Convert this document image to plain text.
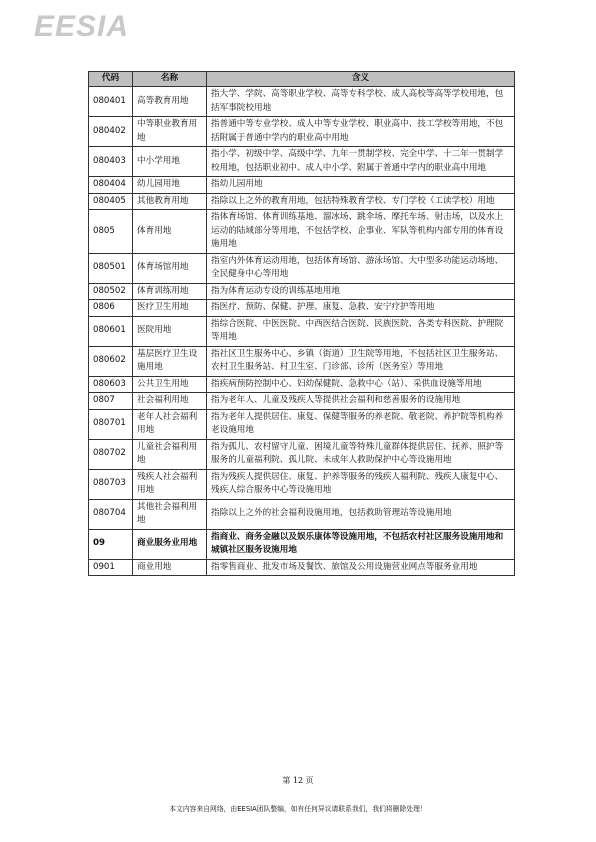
EESIA
代码	名称	含义
080401	高等教育用地	指大学、学院、高等职业学校、高等专科学校、成人高校等高等学校用地，包括军事院校用地
080402	中等职业教育用地	指普通中等专业学校、成人中等专业学校、职业高中、技工学校等用地，不包括附属于普通中学内的职业高中用地
080403	中小学用地	指小学、初级中学、高级中学、九年一贯制学校、完全中学、十二年一贯制学校用地，包括职业初中、成人中小学、附属于普通中学内的职业高中用地
080404	幼儿园用地	指幼儿园用地
080405	其他教育用地	指除以上之外的教育用地，包括特殊教育学校、专门学校（工读学校）用地
0805	体育用地	指体育场馆、体育训练基地、溜冰场、跳伞场、摩托车场、射击场，以及水上运动的陆域部分等用地，不包括学校、企事业、军队等机构内部专用的体育设施用地
080501	体育场馆用地	指室内外体育运动用地，包括体育场馆、游泳场馆、大中型多功能运动场地、全民健身中心等用地
080502	体育训练用地	指为体育运动专设的训练基地用地
0806	医疗卫生用地	指医疗、预防、保健、护理、康复、急救、安宁疗护等用地
080601	医院用地	指综合医院、中医医院、中西医结合医院、民族医院、各类专科医院、护理院等用地
080602	基层医疗卫生设施用地	指社区卫生服务中心、乡镇（街道）卫生院等用地，不包括社区卫生服务站、农村卫生服务站、村卫生室、门诊部、诊所（医务室）等用地
080603	公共卫生用地	指疾病预防控制中心、妇幼保健院、急救中心（站）、采供血设施等用地
0807	社会福利用地	指为老年人、儿童及残疾人等提供社会福利和慈善服务的设施用地
080701	老年人社会福利用地	指为老年人提供居住、康复、保健等服务的养老院、敬老院、养护院等机构养老设施用地
080702	儿童社会福利用地	指为孤儿、农村留守儿童、困境儿童等特殊儿童群体提供居住、抚养、照护等服务的儿童福利院、孤儿院、未成年人救助保护中心等设施用地
080703	残疾人社会福利用地	指为残疾人提供居住、康复、护养等服务的残疾人福利院、残疾人康复中心、残疾人综合服务中心等设施用地
080704	其他社会福利用地	指除以上之外的社会福利设施用地，包括救助管理站等设施用地
09	商业服务业用地	指商业、商务金融以及娱乐康体等设施用地，不包括农村社区服务设施用地和城镇社区服务设施用地
0901	商业用地	指零售商业、批发市场及餐饮、旅馆及公用设施营业网点等服务业用地
第 12 页
本文内容来自网络，由EESIA团队整编，如有任何异议请联系我们，我们将删除处理！
